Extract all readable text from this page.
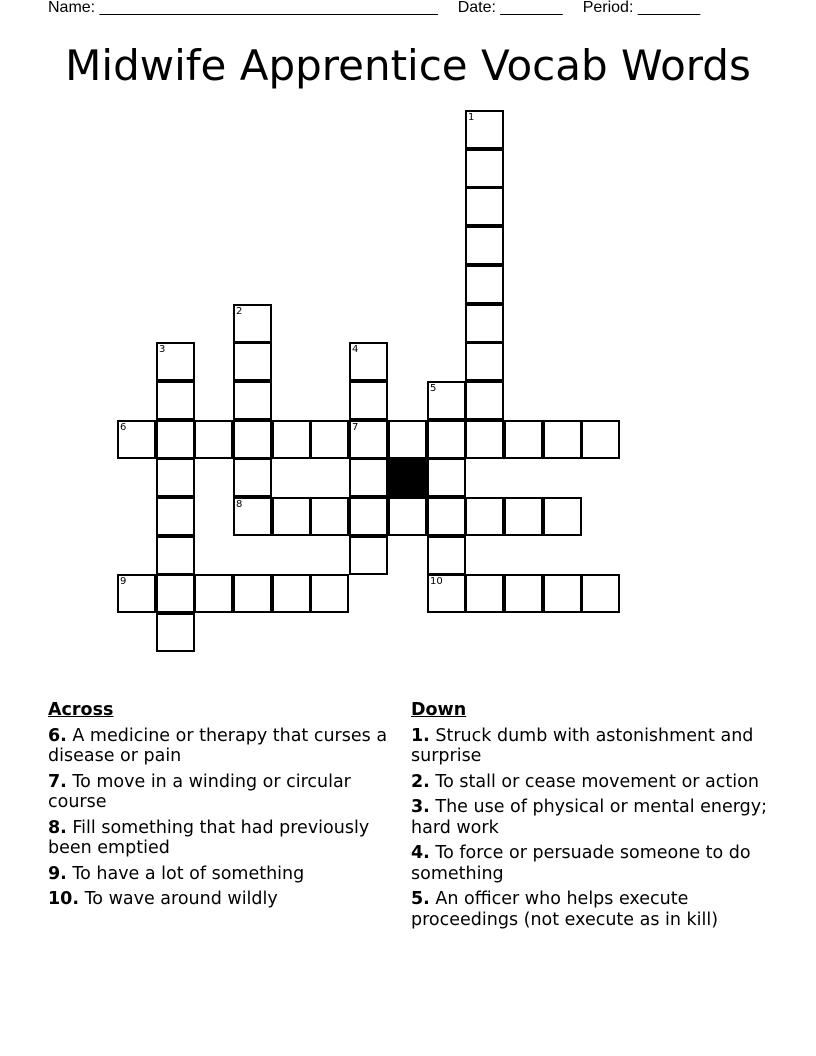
Name: ______________________________________ Date: _______ Period: _______
Midwife Apprentice Vocab Words
1
2
3	4
7
5
10
6
8
9
Across
6. A medicine or therapy that curses a disease or pain
7. To move in a winding or circular course
8. Fill something that had previously been emptied
9. To have a lot of something
10. To wave around wildly
Down
1. Struck dumb with astonishment and surprise
2. To stall or cease movement or action
3. The use of physical or mental energy; hard work
4. To force or persuade someone to do something
5. An officer who helps execute proceedings (not execute as in kill)
